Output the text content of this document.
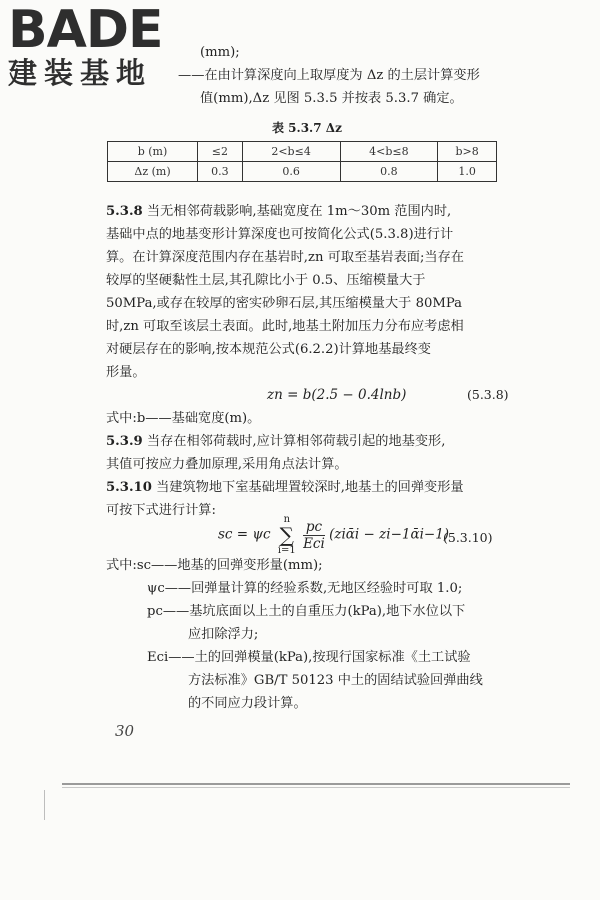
BADE
建装基地
(mm);
——在由计算深度向上取厚度为 Δz 的土层计算变形
值(mm),Δz 见图 5.3.5 并按表 5.3.7 确定。
表 5.3.7 Δz
b (m)	≤2	2<b≤4	4<b≤8	b>8
Δz (m)	0.3	0.6	0.8	1.0
5.3.8 当无相邻荷载影响,基础宽度在 1m～30m 范围内时,
基础中点的地基变形计算深度也可按简化公式(5.3.8)进行计
算。在计算深度范围内存在基岩时,zn 可取至基岩表面;当存在
较厚的坚硬黏性土层,其孔隙比小于 0.5、压缩模量大于
50MPa,或存在较厚的密实砂卵石层,其压缩模量大于 80MPa
时,zn 可取至该层土表面。此时,地基土附加压力分布应考虑相
对硬层存在的影响,按本规范公式(6.2.2)计算地基最终变
形量。
zn = b(2.5 − 0.4lnb)	(5.3.8)
式中:b——基础宽度(m)。
5.3.9 当存在相邻荷载时,应计算相邻荷载引起的地基变形,
其值可按应力叠加原理,采用角点法计算。
5.3.10 当建筑物地下室基础埋置较深时,地基土的回弹变形量
可按下式进行计算:
sc = ψc
n
∑
i=1
$\frac{pc}{\text{Eci}}$ (ziᾱi − zi−1ᾱi−1)
(5.3.10)
式中:sc——地基的回弹变形量(mm);
ψc——回弹量计算的经验系数,无地区经验时可取 1.0;
pc——基坑底面以上土的自重压力(kPa),地下水位以下
应扣除浮力;
Eci——土的回弹模量(kPa),按现行国家标准《土工试验
方法标准》GB/T 50123 中土的固结试验回弹曲线
的不同应力段计算。
30
